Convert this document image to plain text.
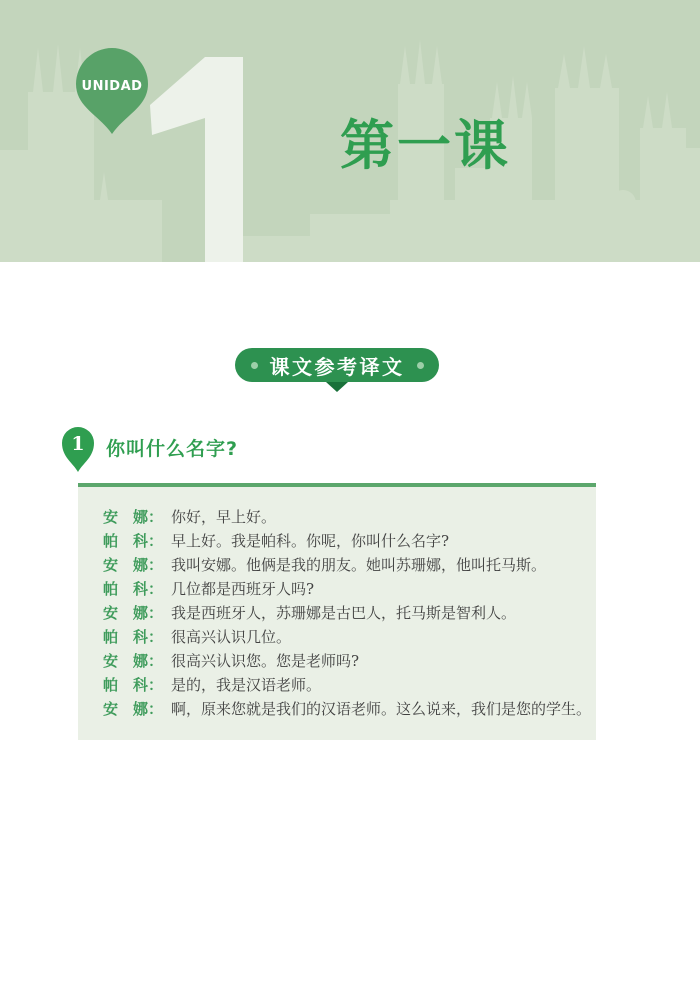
UNIDAD
第一课
课文参考译文
1 你叫什么名字?
安　娜： 你好，早上好。
帕　科： 早上好。我是帕科。你呢，你叫什么名字?
安　娜： 我叫安娜。他俩是我的朋友。她叫苏珊娜，他叫托马斯。
帕　科： 几位都是西班牙人吗?
安　娜： 我是西班牙人，苏珊娜是古巴人，托马斯是智利人。
帕　科： 很高兴认识几位。
安　娜： 很高兴认识您。您是老师吗?
帕　科： 是的，我是汉语老师。
安　娜： 啊，原来您就是我们的汉语老师。这么说来，我们是您的学生。
